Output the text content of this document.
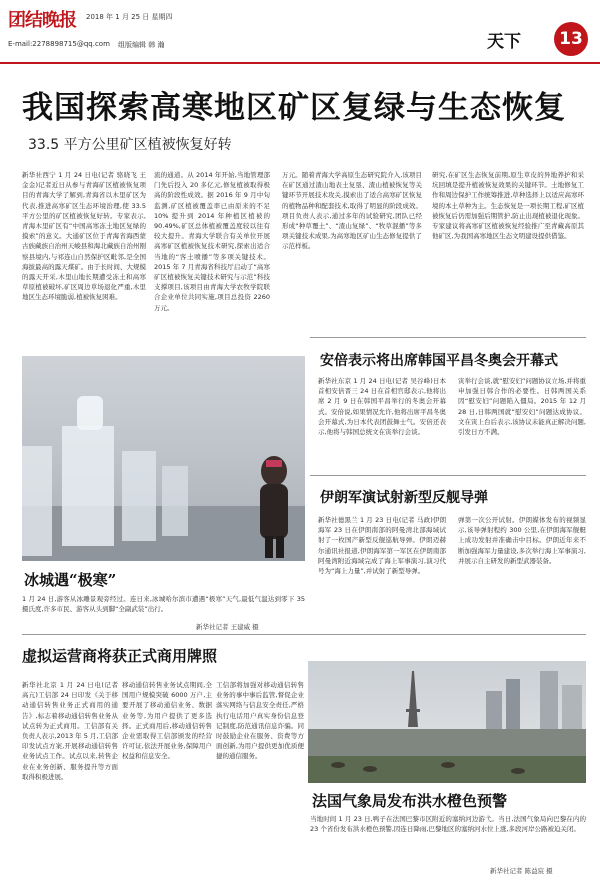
团结晚报 2018 年 1 月 25 日 星期四
E-mail:2278898715@qq.com 组版编辑 韩 瀚	天下	13
我国探索高寒地区矿区复绿与生态恢复
33.5 平方公里矿区植被恢复好转
新华社西宁 1 月 24 日电(记者 骆晓飞 王金金)记者近日从参与青海矿区植被恢复项目的青海大学了解到,青海省以木里矿区为代表,推进高寒矿区生态环境治理,使 33.5 平方公里的矿区植被恢复好转。专家表示,青海木里矿区有“中国高寒冻土地区复绿的摸索”的意义。大通矿区位于青海省海西蒙古族藏族自治州天峻县和海北藏族自治州刚察县境内,与祁连山自然保护区毗邻,是全国海拔最高的露天煤矿。由于长时间、大规模的露天开采,木里山地长期遭受冻土和高寒草原植被破坏,矿区周边草场退化严重,木里地区生态环境脆弱,植被恢复困难。
流的通道。从 2014 年开始,当地管理部门先后投入 20 多亿元,修复植被取得极高的阶段性成效。据 2016 年 9 月中旬监测,矿区植被覆盖率已由原来的不足 10% 提升到 2014 年种植区植被的 90.49%,矿区总体植被覆盖度较以往有较大提升。青海大学联合有关单位开展高寒矿区植被恢复技术研究,探索出适合当地的“客土喷播”等多项关键技术。2015 年 7 月青海省科技厅启动了“高寒矿区植被恢复关键技术研究与示范”科技支撑项目,该项目由青海大学农牧学院联合企业单位共同实施,项目总投资 2260 万元。
万元。随着青海大学高原生态研究院介入,该项目在矿区通过渣山地表土复垦、渣山植被恢复等关键环节开展技术攻关,摸索出了适合高寒矿区恢复的植物品种和配套技术,取得了明显的阶段成效。项目负责人表示,通过多年的试验研究,团队已经形成“种草覆土”、“渣山复绿”、“牧草混播”等多项关键技术成果,为高寒地区矿山生态修复提供了示范样板。
研究,在矿区生态恢复前期,原生草皮的异地养护和采坑回填是提升植被恢复效果的关键环节。土地修复工作和周边保护工作统筹推进,草种选择上以适应高寒环境的本土草种为主。生态恢复是一项长期工程,矿区植被恢复后仍需加强后期管护,防止出现植被退化现象。专家建议将高寒矿区植被恢复经验推广至青藏高原其他矿区,为我国高寒地区生态文明建设提供借鉴。
冰城遇“极寒”
1 月 24 日,游客从冰雕景观旁经过。连日来,冰城哈尔滨市遭遇“极寒”天气,最低气温达到零下 35 摄氏度,许多市民、游客从头到脚“全副武装”出行。
新华社记者 王建威 摄
安倍表示将出席韩国平昌冬奥会开幕式
新华社东京 1 月 24 日电(记者 吴谷峰)日本首相安倍晋三 24 日在首相官邸表示,他将出席 2 月 9 日在韩国平昌举行的冬奥会开幕式。安倍说,如果情况允许,他将出席平昌冬奥会开幕式,为日本代表团鼓舞士气。安倍还表示,他将与韩国总统文在寅举行会谈。
寅举行会谈,就“慰安妇”问题协议立场,并将重申加强日韩合作的必要性。日韩两国关系因“慰安妇”问题陷入僵局。2015 年 12 月 28 日,日韩两国就“慰安妇”问题达成协议。文在寅上台后表示,该协议未能真正解决问题,引发日方不满。
伊朗军演试射新型反舰导弹
新华社德黑兰 1 月 23 日电(记者 马政)伊朗海军 23 日在伊朗南部的阿曼湾北部海域试射了一枚国产新型反舰巡航导弹。伊朗迈赫尔通讯社报道,伊朗海军第一军区在伊朗南部阿曼湾附近海域完成了海上军事演习,演习代号为“海上力量”,并试射了新型导弹。
弹第一次公开试射。伊朗媒体发布的视频显示,该导弹射程约 300 公里,在伊朗海军舰艇上成功发射并准确击中目标。伊朗近年来不断加强海军力量建设,多次举行海上军事演习,并展示自主研发的新型武器装备。
虚拟运营商将获正式商用牌照
新华社北京 1 月 24 日电(记者 高亢)工信部 24 日印发《关于移动通信转售业务正式商用的通告》,标志着移动通信转售业务从试点转为正式商用。工信部有关负责人表示,2013 年 5 月,工信部印发试点方案,开展移动通信转售业务试点工作。试点以来,转售企业在业务创新、服务提升等方面取得积极进展。
移动通信转售业务试点期间,全国用户规模突破 6000 万户,主要开展了移动通信业务、数据业务等,为用户提供了更多选择。正式商用后,移动通信转售企业需取得工信部颁发的经营许可证,依法开展业务,保障用户权益和信息安全。
工信部将加强对移动通信转售业务的事中事后监管,督促企业落实网络与信息安全责任,严格执行电话用户真实身份信息登记制度,防范通讯信息诈骗。同时鼓励企业在服务、资费等方面创新,为用户提供更加优质便捷的通信服务。
法国气象局发布洪水橙色预警
当地时间 1 月 23 日,鸭子在法国巴黎市区附近的塞纳河边游弋。当日,法国气象局向巴黎在内的 23 个省份发布洪水橙色预警,因连日降雨,巴黎地区的塞纳河水位上涨,多段河岸公路被迫关闭。
新华社记者 陈益宸 摄
